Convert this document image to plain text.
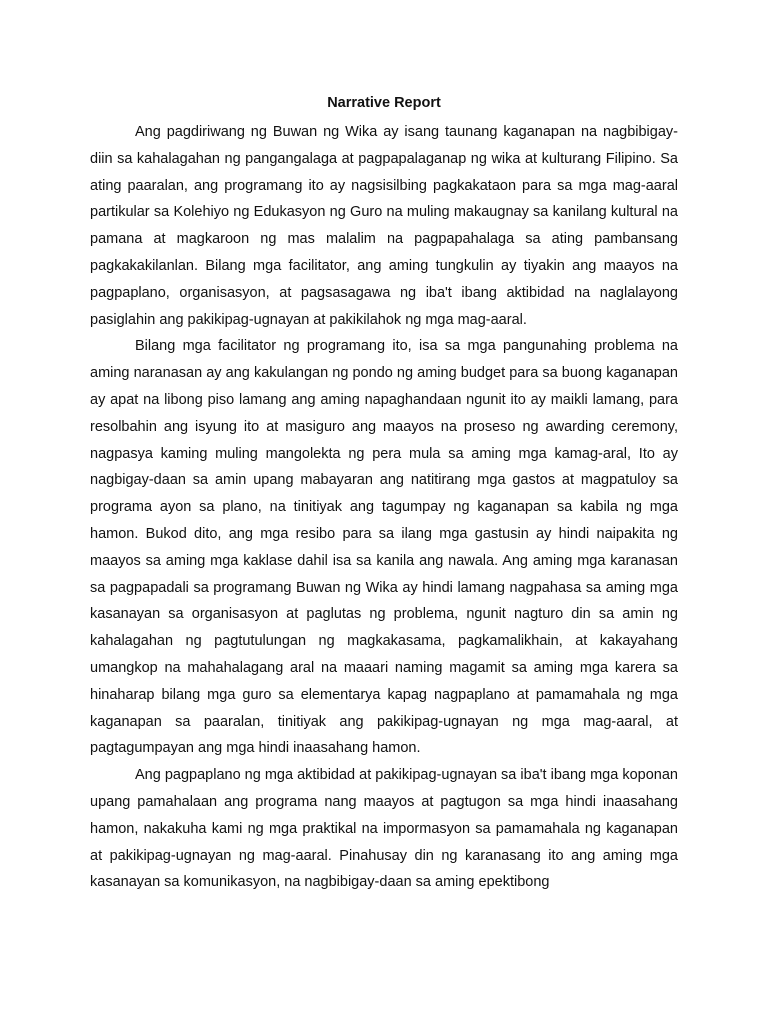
Narrative Report

Ang pagdiriwang ng Buwan ng Wika ay isang taunang kaganapan na nagbibigay-diin sa kahalagahan ng pangangalaga at pagpapalaganap ng wika at kulturang Filipino. Sa ating paaralan, ang programang ito ay nagsisilbing pagkakataon para sa mga mag-aaral partikular sa Kolehiyo ng Edukasyon ng Guro na muling makaugnay sa kanilang kultural na pamana at magkaroon ng mas malalim na pagpapahalaga sa ating pambansang pagkakakilanlan. Bilang mga facilitator, ang aming tungkulin ay tiyakin ang maayos na pagpaplano, organisasyon, at pagsasagawa ng iba't ibang aktibidad na naglalayong pasiglahin ang pakikipag-ugnayan at pakikilahok ng mga mag-aaral.

Bilang mga facilitator ng programang ito, isa sa mga pangunahing problema na aming naranasan ay ang kakulangan ng pondo ng aming budget para sa buong kaganapan ay apat na libong piso lamang ang aming napaghandaan ngunit ito ay maikli lamang, para resolbahin ang isyung ito at masiguro ang maayos na proseso ng awarding ceremony, nagpasya kaming muling mangolekta ng pera mula sa aming mga kamag-aral, Ito ay nagbigay-daan sa amin upang mabayaran ang natitirang mga gastos at magpatuloy sa programa ayon sa plano, na tinitiyak ang tagumpay ng kaganapan sa kabila ng mga hamon. Bukod dito, ang mga resibo para sa ilang mga gastusin ay hindi naipakita ng maayos sa aming mga kaklase dahil isa sa kanila ang nawala. Ang aming mga karanasan sa pagpapadali sa programang Buwan ng Wika ay hindi lamang nagpahasa sa aming mga kasanayan sa organisasyon at paglutas ng problema, ngunit nagturo din sa amin ng kahalagahan ng pagtutulungan ng magkakasama, pagkamalikhain, at kakayahang umangkop na mahahalagang aral na maaari naming magamit sa aming mga karera sa hinaharap bilang mga guro sa elementarya kapag nagpaplano at pamamahala ng mga kaganapan sa paaralan, tinitiyak ang pakikipag-ugnayan ng mga mag-aaral, at pagtagumpayan ang mga hindi inaasahang hamon.

Ang pagpaplano ng mga aktibidad at pakikipag-ugnayan sa iba't ibang mga koponan upang pamahalaan ang programa nang maayos at pagtugon sa mga hindi inaasahang hamon, nakakuha kami ng mga praktikal na impormasyon sa pamamahala ng kaganapan at pakikipag-ugnayan ng mag-aaral. Pinahusay din ng karanasang ito ang aming mga kasanayan sa komunikasyon, na nagbibigay-daan sa aming epektibong
